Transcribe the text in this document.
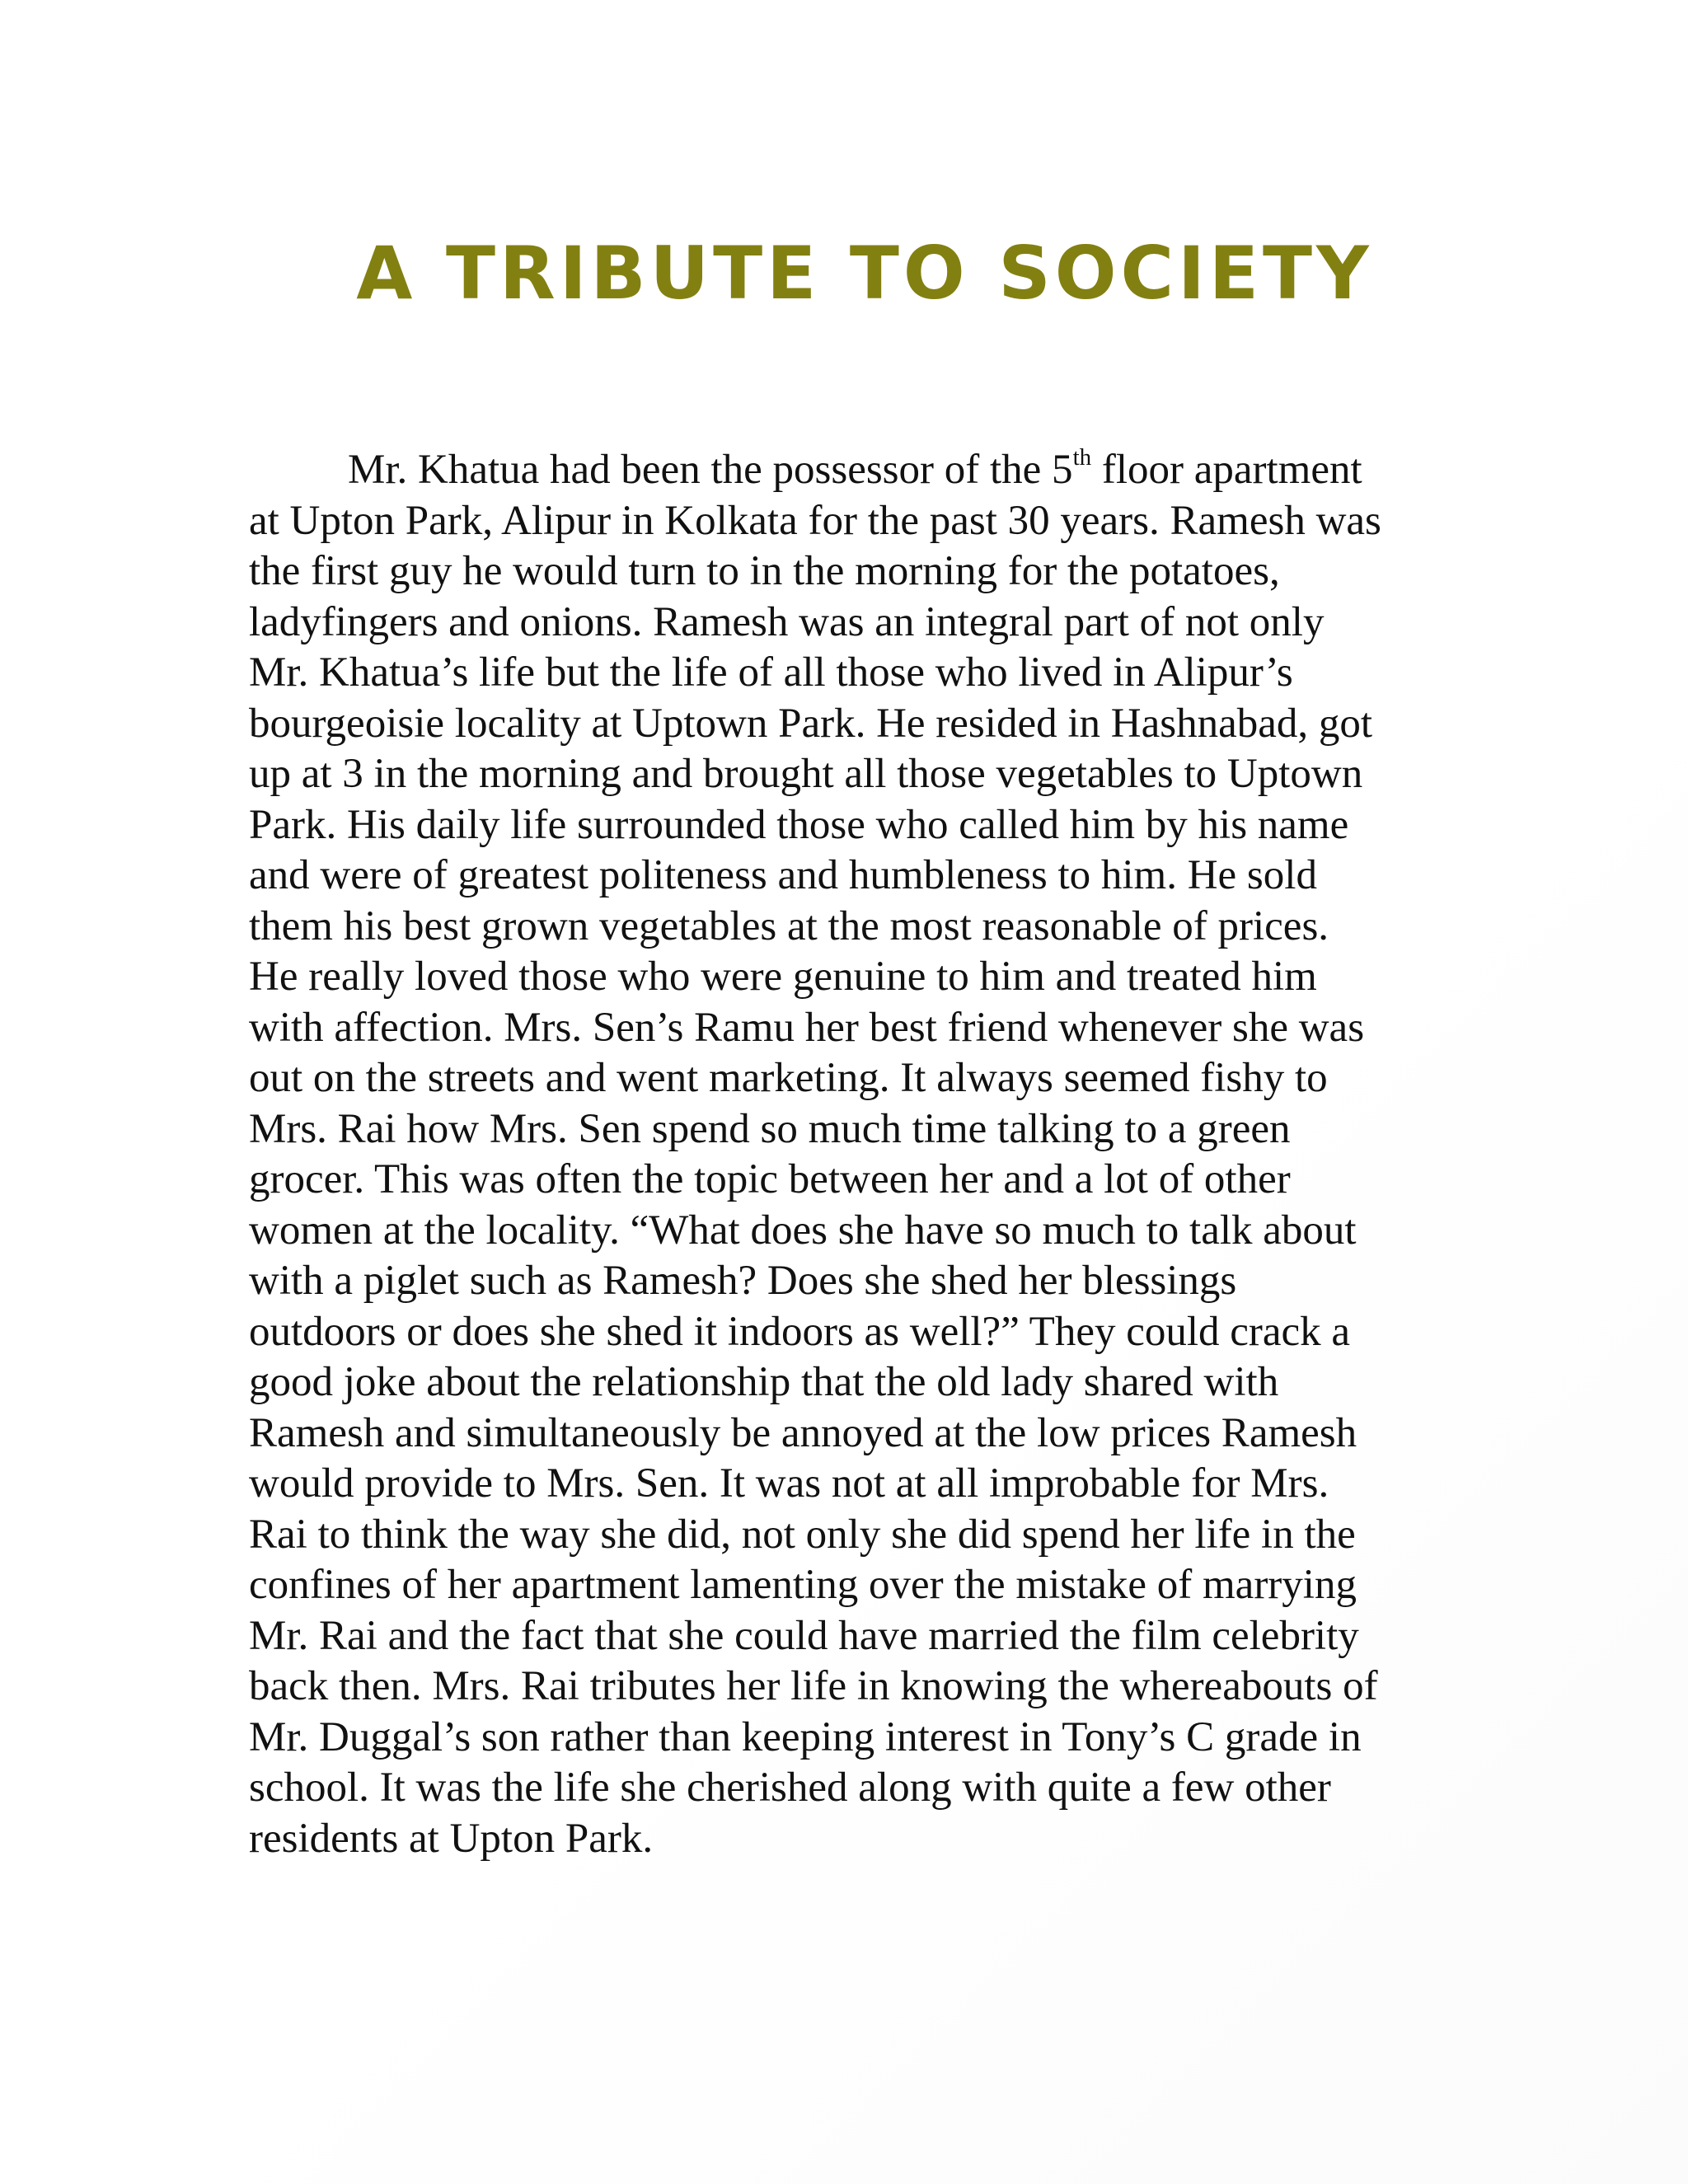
A TRIBUTE TO SOCIETY
Mr. Khatua had been the possessor of the 5th floor apartment
at Upton Park, Alipur in Kolkata for the past 30 years. Ramesh was
the first guy he would turn to in the morning for the potatoes,
ladyfingers and onions. Ramesh was an integral part of not only
Mr. Khatua’s life but the life of all those who lived in Alipur’s
bourgeoisie locality at Uptown Park. He resided in Hashnabad, got
up at 3 in the morning and brought all those vegetables to Uptown
Park. His daily life surrounded those who called him by his name
and were of greatest politeness and humbleness to him. He sold
them his best grown vegetables at the most reasonable of prices.
He really loved those who were genuine to him and treated him
with affection. Mrs. Sen’s Ramu her best friend whenever she was
out on the streets and went marketing. It always seemed fishy to
Mrs. Rai how Mrs. Sen spend so much time talking to a green
grocer. This was often the topic between her and a lot of other
women at the locality. “What does she have so much to talk about
with a piglet such as Ramesh? Does she shed her blessings
outdoors or does she shed it indoors as well?” They could crack a
good joke about the relationship that the old lady shared with
Ramesh and simultaneously be annoyed at the low prices Ramesh
would provide to Mrs. Sen. It was not at all improbable for Mrs.
Rai to think the way she did, not only she did spend her life in the
confines of her apartment lamenting over the mistake of marrying
Mr. Rai and the fact that she could have married the film celebrity
back then. Mrs. Rai tributes her life in knowing the whereabouts of
Mr. Duggal’s son rather than keeping interest in Tony’s C grade in
school. It was the life she cherished along with quite a few other
residents at Upton Park.
